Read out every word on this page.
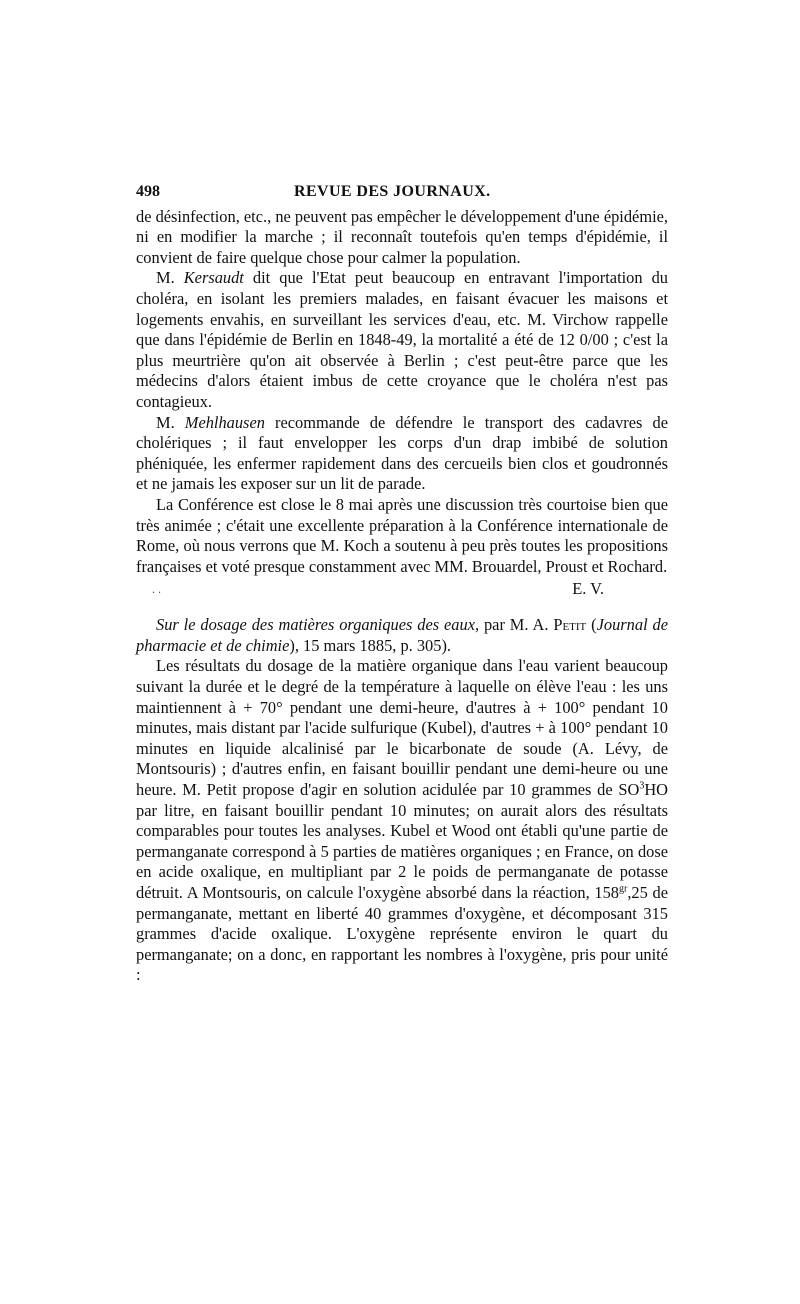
498	REVUE DES JOURNAUX.

de désinfection, etc., ne peuvent pas empêcher le développement d'une épidémie, ni en modifier la marche ; il reconnaît toutefois qu'en temps d'épidémie, il convient de faire quelque chose pour calmer la population.

M. Kersaudt dit que l'Etat peut beaucoup en entravant l'importation du choléra, en isolant les premiers malades, en faisant évacuer les maisons et logements envahis, en surveillant les services d'eau, etc. M. Virchow rappelle que dans l'épidémie de Berlin en 1848-49, la mortalité a été de 12 0/00 ; c'est la plus meurtrière qu'on ait observée à Berlin ; c'est peut-être parce que les médecins d'alors étaient imbus de cette croyance que le choléra n'est pas contagieux.

M. Mehlhausen recommande de défendre le transport des cadavres de cholériques ; il faut envelopper les corps d'un drap imbibé de solution phéniquée, les enfermer rapidement dans des cercueils bien clos et goudronnés et ne jamais les exposer sur un lit de parade.

La Conférence est close le 8 mai après une discussion très courtoise bien que très animée ; c'était une excellente préparation à la Conférence internationale de Rome, où nous verrons que M. Koch a soutenu à peu près toutes les propositions françaises et voté presque constamment avec MM. Brouardel, Proust et Rochard.

. .	E. V.

Sur le dosage des matières organiques des eaux, par M. A. Petit (Journal de pharmacie et de chimie), 15 mars 1885, p. 305).

Les résultats du dosage de la matière organique dans l'eau varient beaucoup suivant la durée et le degré de la température à laquelle on élève l'eau : les uns maintiennent à + 70° pendant une demi-heure, d'autres à + 100° pendant 10 minutes, mais distant par l'acide sulfurique (Kubel), d'autres + à 100° pendant 10 minutes en liquide alcalinisé par le bicarbonate de soude (A. Lévy, de Montsouris) ; d'autres enfin, en faisant bouillir pendant une demi-heure ou une heure. M. Petit propose d'agir en solution acidulée par 10 grammes de $SO^3HO$ par litre, en faisant bouillir pendant 10 minutes; on aurait alors des résultats comparables pour toutes les analyses. Kubel et Wood ont établi qu'une partie de permanganate correspond à 5 parties de matières organiques ; en France, on dose en acide oxalique, en multipliant par 2 le poids de permanganate de potasse détruit. A Montsouris, on calcule l'oxygène absorbé dans la réaction, $158^{gr},25$ de permanganate, mettant en liberté 40 grammes d'oxygène, et décomposant 315 grammes d'acide oxalique. L'oxygène représente environ le quart du permanganate; on a donc, en rapportant les nombres à l'oxygène, pris pour unité :
